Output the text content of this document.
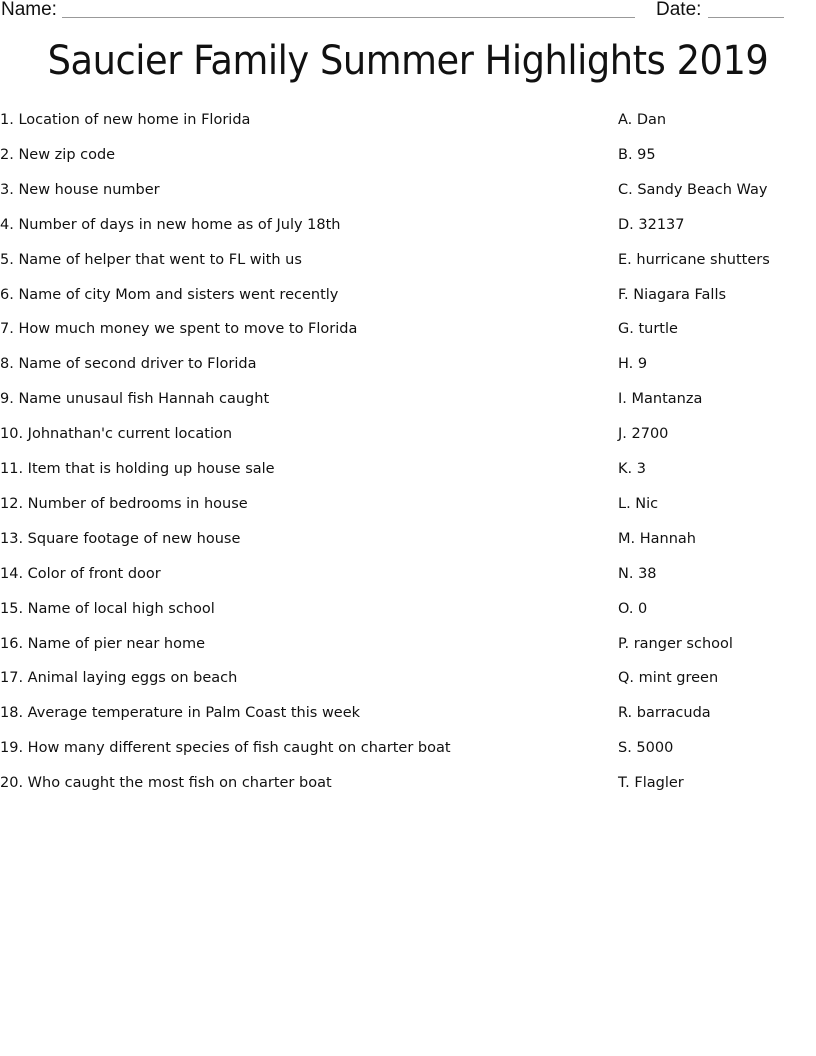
Name:	Date:
Saucier Family Summer Highlights 2019
1. Location of new home in Florida	A. Dan
2. New zip code	B. 95
3. New house number	C. Sandy Beach Way
4. Number of days in new home as of July 18th	D. 32137
5. Name of helper that went to FL with us	E. hurricane shutters
6. Name of city Mom and sisters went recently	F. Niagara Falls
7. How much money we spent to move to Florida	G. turtle
8. Name of second driver to Florida	H. 9
9. Name unusaul fish Hannah caught	I. Mantanza
10. Johnathan'c current location	J. 2700
11. Item that is holding up house sale	K. 3
12. Number of bedrooms in house	L. Nic
13. Square footage of new house	M. Hannah
14. Color of front door	N. 38
15. Name of local high school	O. 0
16. Name of pier near home	P. ranger school
17. Animal laying eggs on beach	Q. mint green
18. Average temperature in Palm Coast this week	R. barracuda
19. How many different species of fish caught on charter boat	S. 5000
20. Who caught the most fish on charter boat	T. Flagler
